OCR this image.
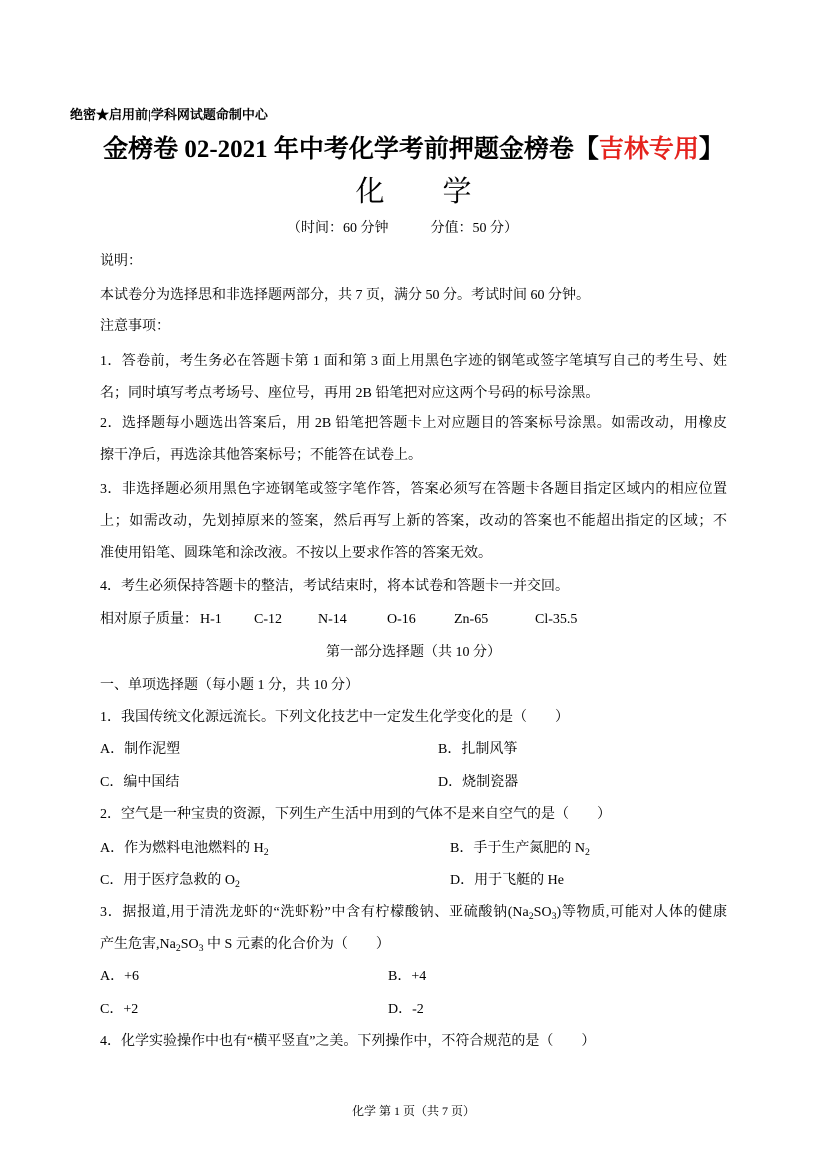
绝密★启用前|学科网试题命制中心
金榜卷 02-2021 年中考化学考前押题金榜卷【吉林专用】
化　　学
（时间：60 分钟　　　分值：50 分）
说明：
本试卷分为选择思和非选择题两部分，共 7 页，满分 50 分。考试时间 60 分钟。
注意事项：
1．答卷前，考生务必在答题卡第 1 面和第 3 面上用黑色字迹的钢笔或签字笔填写自己的考生号、姓
名；同时填写考点考场号、座位号，再用 2B 铅笔把对应这两个号码的标号涂黑。
2．选择题每小题选出答案后，用 2B 铅笔把答题卡上对应题目的答案标号涂黑。如需改动，用橡皮
擦干净后，再选涂其他答案标号；不能答在试卷上。
3．非选择题必须用黑色字迹钢笔或签字笔作答，答案必须写在答题卡各题目指定区域内的相应位置
上；如需改动，先划掉原来的签案，然后再写上新的答案，改动的答案也不能超出指定的区域；不
准使用铅笔、圆珠笔和涂改液。不按以上要求作答的答案无效。
4．考生必须保持答题卡的整洁，考试结束时，将本试卷和答题卡一并交回。
相对原子质量： H-1 C-12	N-14	O-16	Zn-65	Cl-35.5
第一部分选择题（共 10 分）
一、单项选择题（每小题 1 分，共 10 分）
1．我国传统文化源远流长。下列文化技艺中一定发生化学变化的是（　　）
A．制作泥塑	B．扎制风筝
C．编中国结	D．烧制瓷器
2．空气是一种宝贵的资源，下列生产生活中用到的气体不是来自空气的是（　　）
A．作为燃料电池燃料的 $H_2$	B．手于生产氮肥的 $N_2$
C．用于医疗急救的 $O_2$	D．用于飞艇的 He
3．据报道,用于清洗龙虾的“洗虾粉”中含有柠檬酸钠、亚硫酸钠$(Na_2SO_3)$等物质,可能对人体的健康
产生危害$,Na_2SO_3$ 中 S 元素的化合价为（　　）
A．+6	B．+4
C．+2	D．-2
4．化学实验操作中也有“横平竖直”之美。下列操作中，不符合规范的是（　　）
化学 第 1 页（共 7 页）
